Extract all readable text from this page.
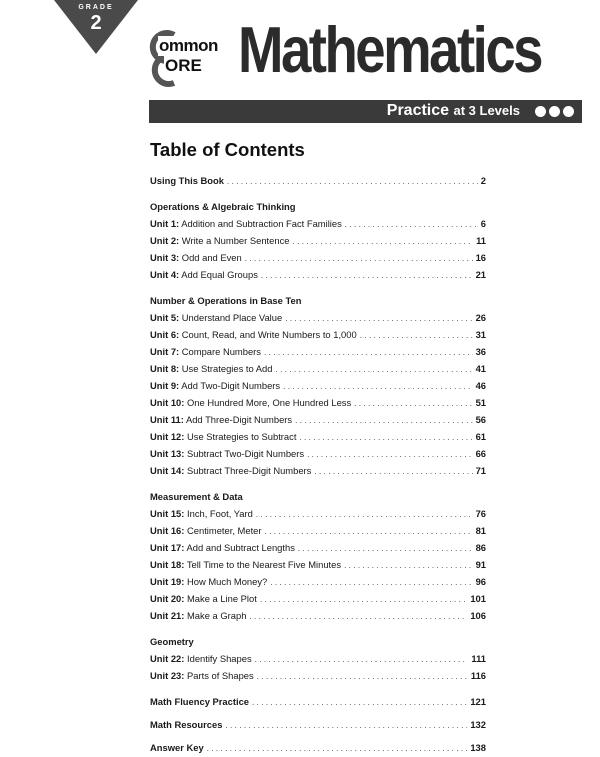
GRADE
2
ommon
ORE Mathematics
Practice at 3 Levels
Table of Contents
Using This Book .....	2
Operations & Algebraic Thinking
Unit 1: Addition and Subtraction Fact Families .....	6
Unit 2: Write a Number Sentence .....	11
Unit 3: Odd and Even .....	16
Unit 4: Add Equal Groups .....	21
Number & Operations in Base Ten
Unit 5: Understand Place Value .....	26
Unit 6: Count, Read, and Write Numbers to 1,000 .....	31
Unit 7: Compare Numbers .....	36
Unit 8: Use Strategies to Add .....	41
Unit 9: Add Two-Digit Numbers .....	46
Unit 10: One Hundred More, One Hundred Less .....	51
Unit 11: Add Three-Digit Numbers .....	56
Unit 12: Use Strategies to Subtract .....	61
Unit 13: Subtract Two-Digit Numbers .....	66
Unit 14: Subtract Three-Digit Numbers .....	71
Measurement & Data
Unit 15: Inch, Foot, Yard .....	76
Unit 16: Centimeter, Meter .....	81
Unit 17: Add and Subtract Lengths .....	86
Unit 18: Tell Time to the Nearest Five Minutes .....	91
Unit 19: How Much Money? .....	96
Unit 20: Make a Line Plot .....	101
Unit 21: Make a Graph .....	106
Geometry
Unit 22: Identify Shapes .....	111
Unit 23: Parts of Shapes .....	116
Math Fluency Practice .....	121
Math Resources .....	132
Answer Key .....	138
